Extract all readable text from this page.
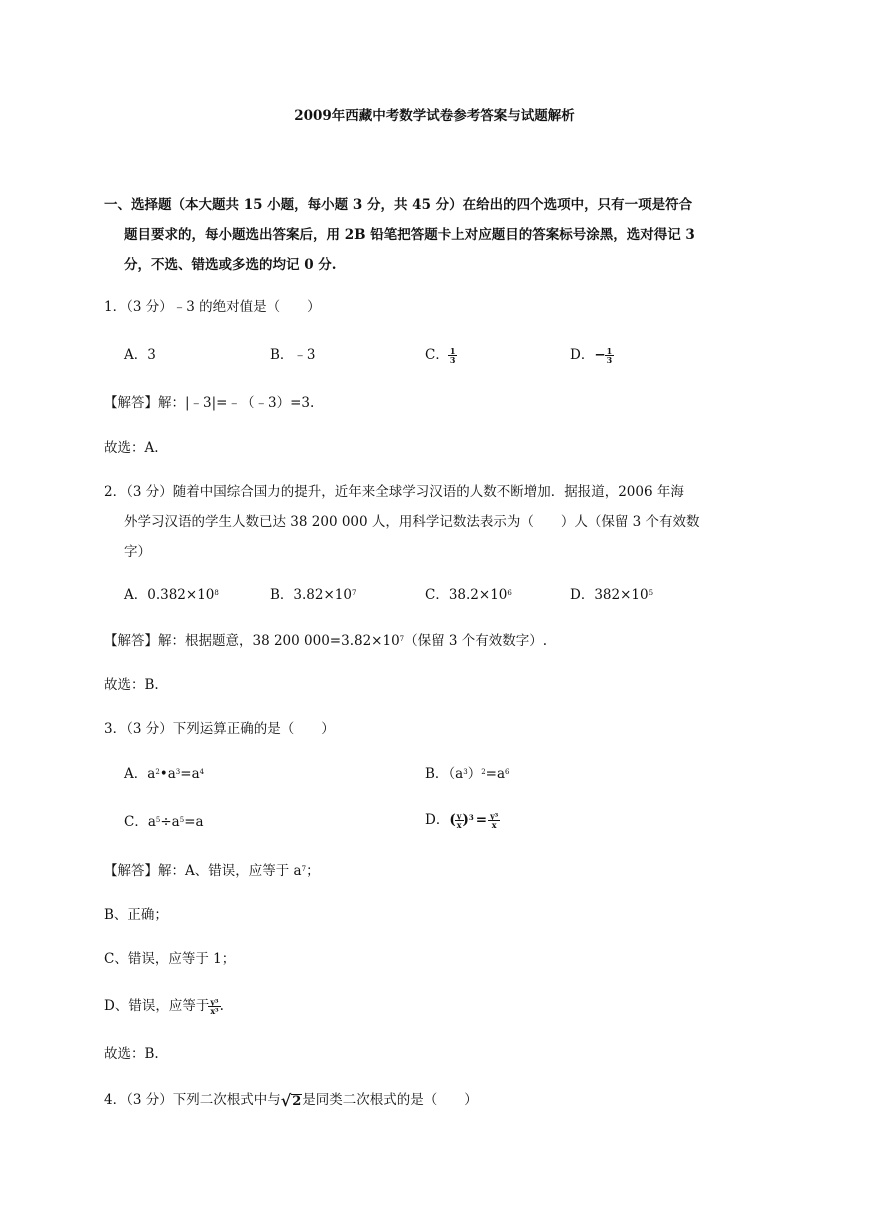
2009年西藏中考数学试卷参考答案与试题解析
一、选择题（本大题共 15 小题，每小题 3 分，共 45 分）在给出的四个选项中，只有一项是符合
题目要求的，每小题选出答案后，用 2B 铅笔把答题卡上对应题目的答案标号涂黑，选对得记 3
分，不选、错选或多选的均记 0 分.
1．（3 分）﹣3 的绝对值是（　　）
A．3	B．﹣3	C． $\frac{1}{3}$	D．− $\frac{1}{3}$
【解答】解：|﹣3|=﹣（﹣3）=3.
故选：A.
2．（3 分）随着中国综合国力的提升，近年来全球学习汉语的人数不断增加．据报道，2006 年海
外学习汉语的学生人数已达 38 200 000 人，用科学记数法表示为（　　）人（保留 3 个有效数
字）
A．$0.382\times 10^8$	B．$3.82\times 10^7$	C．$38.2\times 10^6$	D．$382\times 10^5$
【解答】解：根据题意，38 200 $000=3.82\times 10^7$（保留 3 个有效数字）.
故选：B.
3．（3 分）下列运算正确的是（　　）
A．$a^2•a^3=a^4$	B．$(a^3)^2=a^6$
C．$a^5\div a^5=a$	D．( $\frac{y}{x} )^3 = \frac{\text{y³}}{x}$
【解答】解：A、错误，应等于 $a^7$；
B、正确；
C、错误，应等于 1；
D、错误，应等于 $\frac{\text{y³}}{\text{x³}}$ .
故选：B.
4．（3 分）下列二次根式中与 √ 2 是同类二次根式的是（　　）
